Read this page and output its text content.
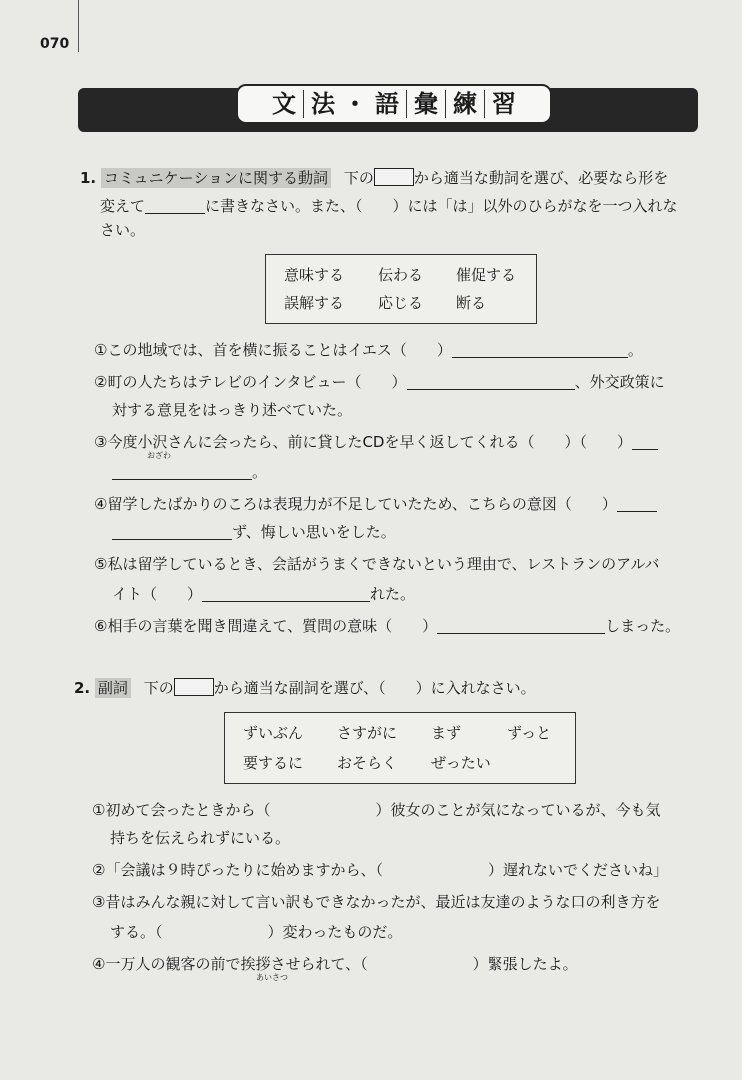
070
文 法 ・ 語 彙 練 習
1. コミュニケーションに関する動詞 下の	から適当な動詞を選び、必要なら形を
変えて	に書きなさい。また、（　　）には「は」以外のひらがなを一つ入れな
さい。
意味する 伝わる 催促する
誤解する 応じる 断る
①この地域では、首を横に振ることはイエス（　　）	。
②町の人たちはテレビのインタビュー（　　）	、外交政策に
対する意見をはっきり述べていた。
③今度小沢さんに会ったら、前に貸したCDを早く返してくれる（　　）（　　）
おざわ
。
④留学したばかりのころは表現力が不足していたため、こちらの意図（　　）
ず、悔しい思いをした。
⑤私は留学しているとき、会話がうまくできないという理由で、レストランのアルバ
イト（　　）	れた。
⑥相手の言葉を聞き間違えて、質問の意味（　　）	しまった。
2. 副詞 下の	から適当な副詞を選び、（　　）に入れなさい。
ずいぶん さすがに まず	ずっと
要するに おそらく ぜったい
①初めて会ったときから（　　　　　　　）彼女のことが気になっているが、今も気
持ちを伝えられずにいる。
②「会議は９時ぴったりに始めますから、（　　　　　　　）遅れないでくださいね」
③昔はみんな親に対して言い訳もできなかったが、最近は友達のような口の利き方を
する。（　　　　　　　）変わったものだ。
④一万人の観客の前で挨拶させられて、（　　　　　　　）緊張したよ。
あいさつ
